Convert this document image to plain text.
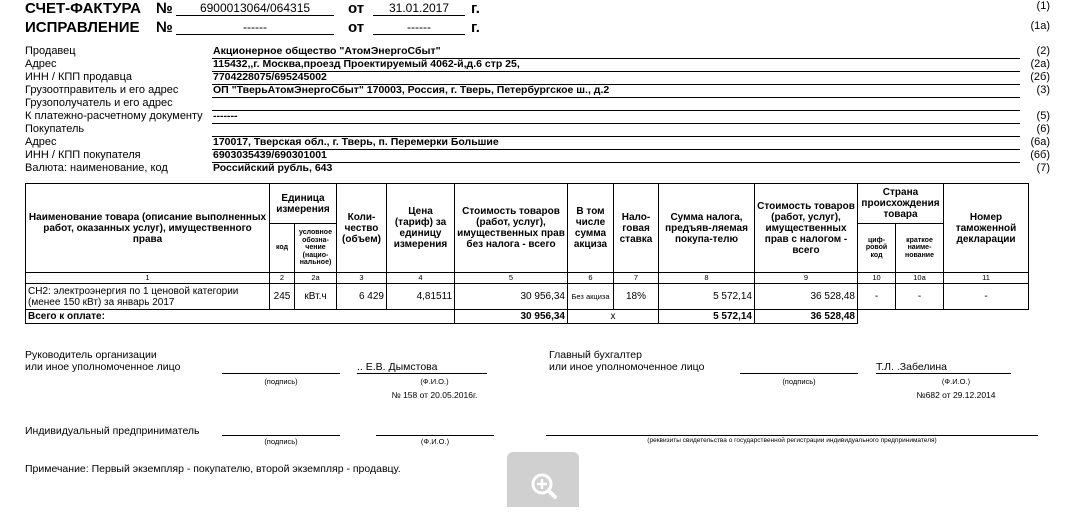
СЧЕТ-ФАКТУРА №	6900013064/064315	от	31.01.2017	г.	(1)
ИСПРАВЛЕНИЕ №	------	от	------	г.	(1а)
Продавец	Акционерное общество "АтомЭнергоСбыт"	(2)
Адрес	115432,,г. Москва,проезд Проектируемый 4062-й,д.6 стр 25,	(2а)
ИНН / КПП продавца	7704228075/695245002	(2б)
Грузоотправитель и его адрес	ОП "ТверьАтомЭнергоСбыт" 170003, Россия, г. Тверь, Петербургское ш., д.2	(3)
Грузополучатель и его адрес
К платежно-расчетному документу -------	(5)
Покупатель	(6)
Адрес	170017, Тверская обл., г. Тверь, п. Перемерки Большие	(6а)
ИНН / КПП покупателя	6903035439/690301001	(6б)
Валюта: наименование, код	Российский рубль, 643	(7)
Наименование товара (описание выполненных работ, оказанных услуг), имущественного права	Единица измерения		Коли-чество (объем)	Цена (тариф) за единицу измерения	Стоимость товаров (работ, услуг), имущественных прав без налога - всего	В том числе сумма акциза	Нало-говая ставка	Сумма налога, предъяв-ляемая покупа-телю	Стоимость товаров (работ, услуг), имущественных прав с налогом - всего	Страна происхождения товара		Номер таможенной декларации
	код	условное обозна-чение (нацио-нальное)								циф-ровой код	краткое наиме-нование	
1	2	2а	3	4	5	6	7	8	9	10	10а	11
СН2: электроэнергия по 1 ценовой категории (менее 150 кВт) за январь 2017	245	кВт.ч	6 429	4,81511	30 956,34	Без акциза	18%	5 572,14	36 528,48	-	-	-
Всего к оплате:					30 956,34	х		5 572,14	36 528,48			
Руководитель организации
или иное уполномоченное лицо	.. Е.В. Дымстова
(подпись)	(Ф.И.О.)
№ 158 от 20.05.2016г.
Главный бухгалтер
или иное уполномоченное лицо	Т.Л. .Забелина
(подпись)	(Ф.И.О.)
№682 от 29.12.2014
Индивидуальный предприниматель
(подпись)	(Ф.И.О.)	(реквизиты свидетельства о государственной регистрации индивидуального предпринимателя)
Примечание: Первый экземпляр - покупателю, второй экземпляр - продавцу.
